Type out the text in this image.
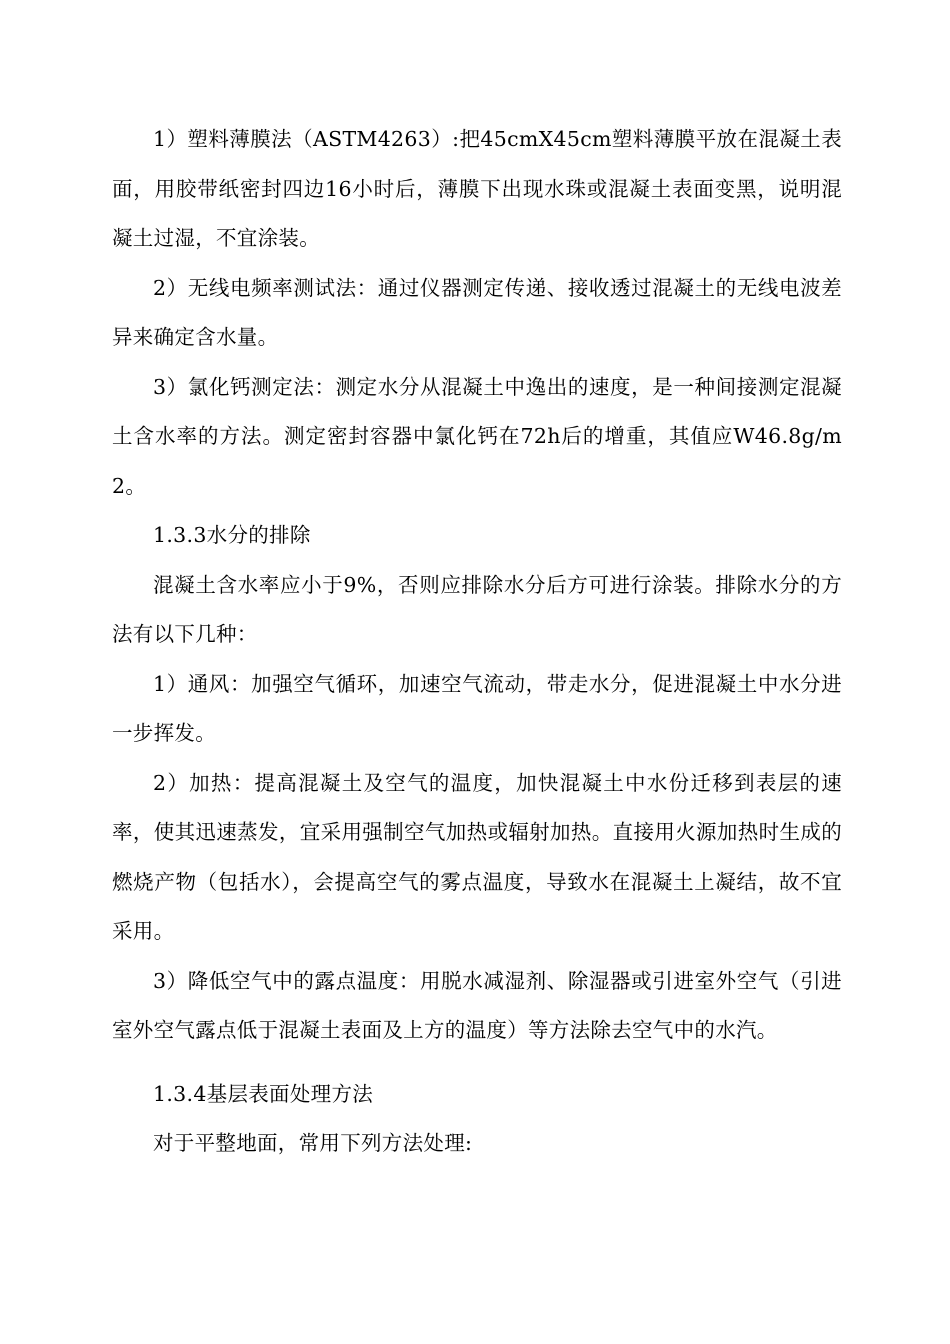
1）塑料薄膜法（ASTM4263）:把45cmX45cm塑料薄膜平放在混凝土表面，用胶带纸密封四边16小时后，薄膜下出现水珠或混凝土表面变黑，说明混凝土过湿，不宜涂装。

2）无线电频率测试法：通过仪器测定传递、接收透过混凝土的无线电波差异来确定含水量。

3）氯化钙测定法：测定水分从混凝土中逸出的速度，是一种间接测定混凝土含水率的方法。测定密封容器中氯化钙在72h后的增重，其值应W46.8g/m2。

1.3.3水分的排除

混凝土含水率应小于9%，否则应排除水分后方可进行涂装。排除水分的方法有以下几种：

1）通风：加强空气循环，加速空气流动，带走水分，促进混凝土中水分进一步挥发。

2）加热：提高混凝土及空气的温度，加快混凝土中水份迁移到表层的速率，使其迅速蒸发，宜采用强制空气加热或辐射加热。直接用火源加热时生成的燃烧产物（包括水），会提高空气的雾点温度，导致水在混凝土上凝结，故不宜采用。

3）降低空气中的露点温度：用脱水减湿剂、除湿器或引进室外空气（引进室外空气露点低于混凝土表面及上方的温度）等方法除去空气中的水汽。

1.3.4基层表面处理方法

对于平整地面，常用下列方法处理:
